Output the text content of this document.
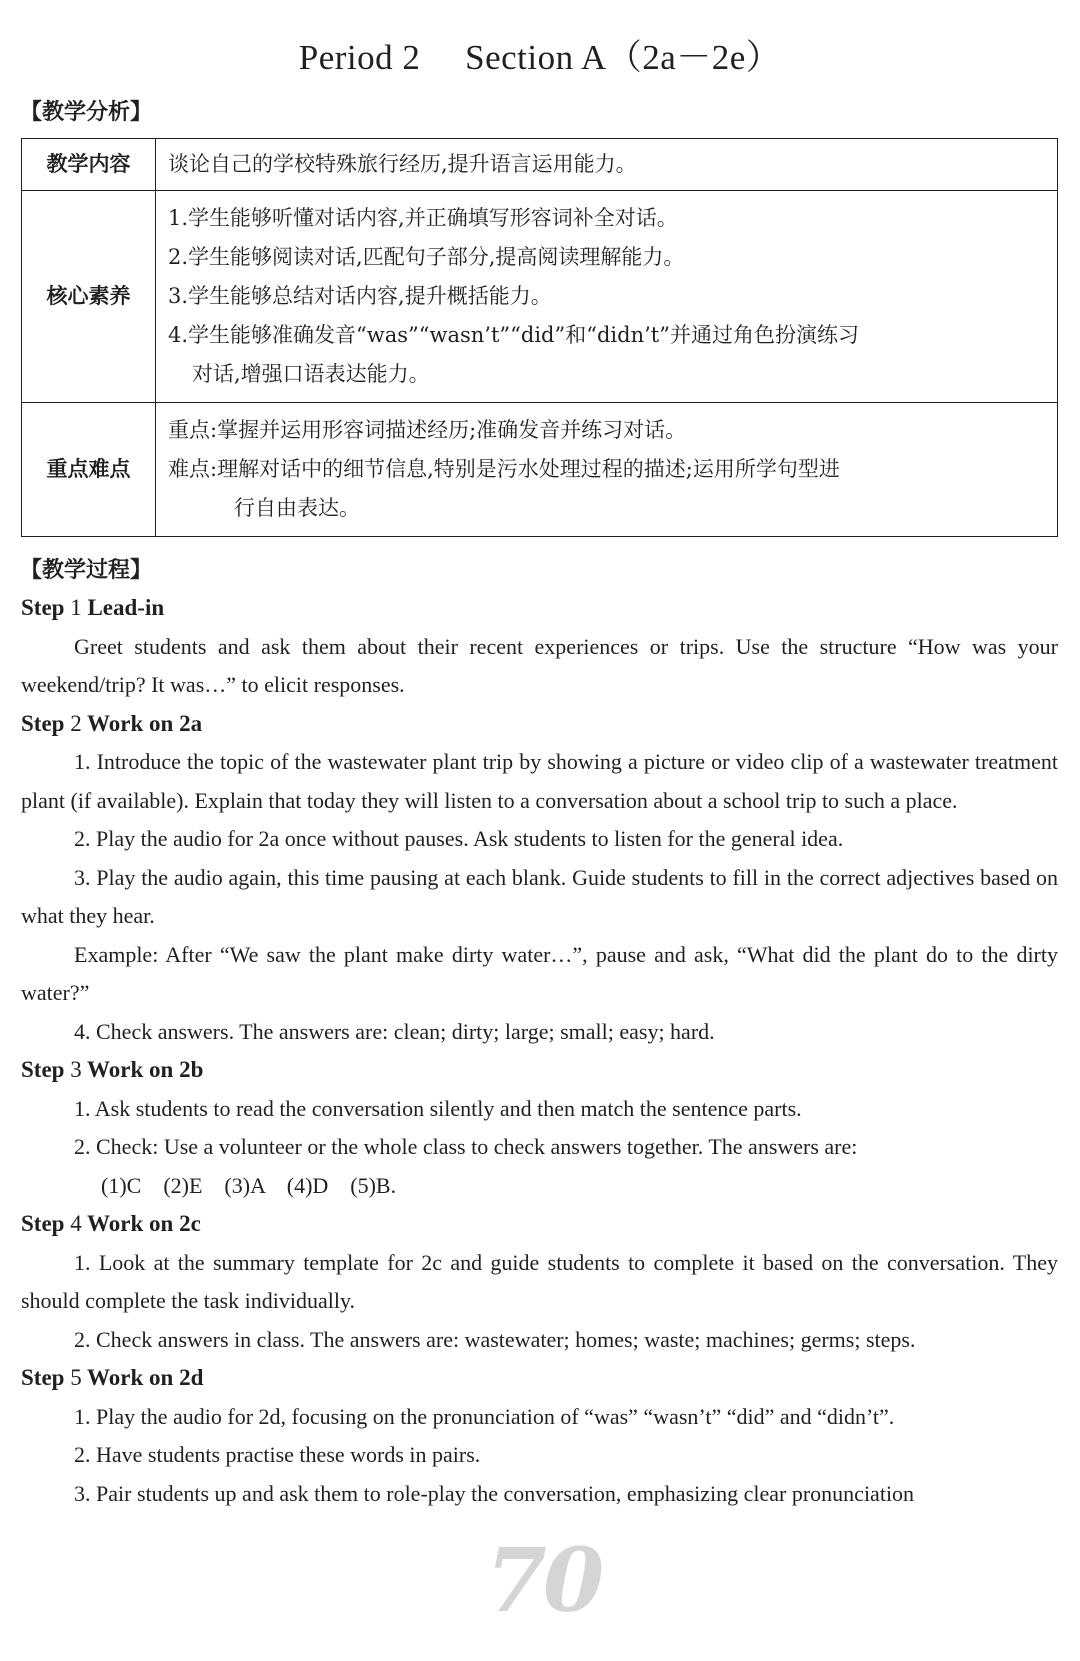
Period 2　 Section A（2a－2e）
【教学分析】
教学内容	谈论自己的学校特殊旅行经历,提升语言运用能力。

核心素养	1.学生能够听懂对话内容,并正确填写形容词补全对话。
2.学生能够阅读对话,匹配句子部分,提高阅读理解能力。
3.学生能够总结对话内容,提升概括能力。
4.学生能够准确发音“was”“wasn’t”“did”和“didn’t”并通过角色扮演练习
对话,增强口语表达能力。

重点难点	重点:掌握并运用形容词描述经历;准确发音并练习对话。
难点:理解对话中的细节信息,特别是污水处理过程的描述;运用所学句型进
行自由表达。
【教学过程】
70
Step 1 Lead-in
Greet students and ask them about their recent experiences or trips. Use the structure “How was your weekend/trip? It was…” to elicit responses.
Step 2 Work on 2a
1. Introduce the topic of the wastewater plant trip by showing a picture or video clip of a wastewater treatment plant (if available). Explain that today they will listen to a conversation about a school trip to such a place.
2. Play the audio for 2a once without pauses. Ask students to listen for the general idea.
3. Play the audio again, this time pausing at each blank. Guide students to fill in the correct adjectives based on what they hear.
Example: After “We saw the plant make dirty water…”, pause and ask, “What did the plant do to the dirty water?”
4. Check answers. The answers are: clean; dirty; large; small; easy; hard.
Step 3 Work on 2b
1. Ask students to read the conversation silently and then match the sentence parts.
2. Check: Use a volunteer or the whole class to check answers together. The answers are:
(1)C　(2)E　(3)A　(4)D　(5)B.
Step 4 Work on 2c
1. Look at the summary template for 2c and guide students to complete it based on the conversation. They should complete the task individually.
2. Check answers in class. The answers are: wastewater; homes; waste; machines; germs; steps.
Step 5 Work on 2d
1. Play the audio for 2d, focusing on the pronunciation of “was” “wasn’t” “did” and “didn’t”.
2. Have students practise these words in pairs.
3. Pair students up and ask them to role-play the conversation, emphasizing clear pronunciation
